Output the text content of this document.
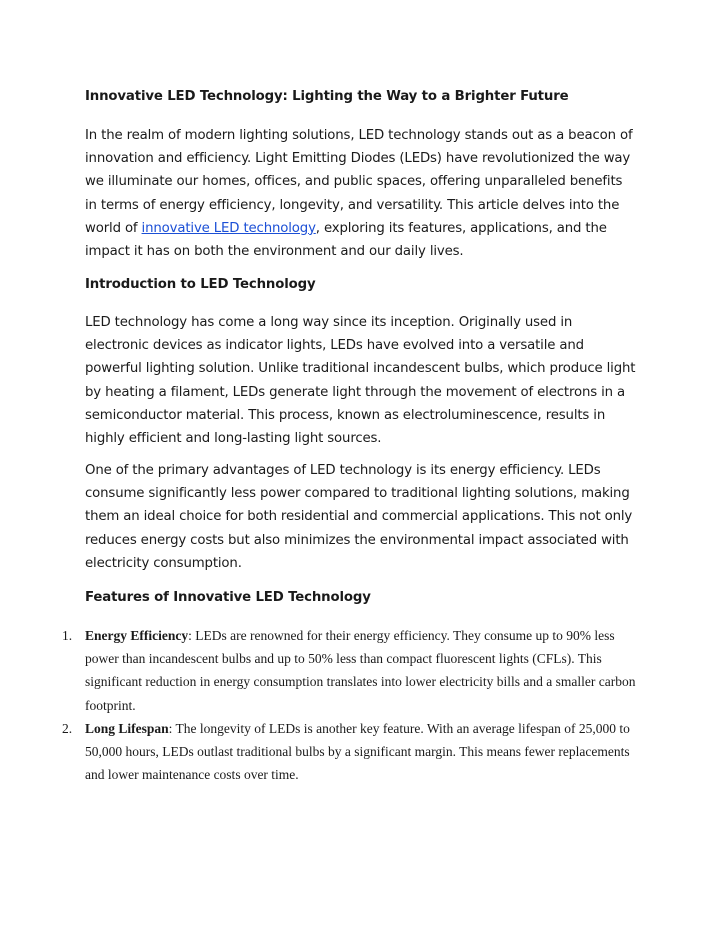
Innovative LED Technology: Lighting the Way to a Brighter Future

In the realm of modern lighting solutions, LED technology stands out as a beacon of innovation and efficiency. Light Emitting Diodes (LEDs) have revolutionized the way we illuminate our homes, offices, and public spaces, offering unparalleled benefits in terms of energy efficiency, longevity, and versatility. This article delves into the world of innovative LED technology, exploring its features, applications, and the impact it has on both the environment and our daily lives.

Introduction to LED Technology

LED technology has come a long way since its inception. Originally used in electronic devices as indicator lights, LEDs have evolved into a versatile and powerful lighting solution. Unlike traditional incandescent bulbs, which produce light by heating a filament, LEDs generate light through the movement of electrons in a semiconductor material. This process, known as electroluminescence, results in highly efficient and long-lasting light sources.

One of the primary advantages of LED technology is its energy efficiency. LEDs consume significantly less power compared to traditional lighting solutions, making them an ideal choice for both residential and commercial applications. This not only reduces energy costs but also minimizes the environmental impact associated with electricity consumption.

Features of Innovative LED Technology
1. Energy Efficiency: LEDs are renowned for their energy efficiency. They consume up to 90% less power than incandescent bulbs and up to 50% less than compact fluorescent lights (CFLs). This significant reduction in energy consumption translates into lower electricity bills and a smaller carbon footprint.
2. Long Lifespan: The longevity of LEDs is another key feature. With an average lifespan of 25,000 to 50,000 hours, LEDs outlast traditional bulbs by a significant margin. This means fewer replacements and lower maintenance costs over time.
